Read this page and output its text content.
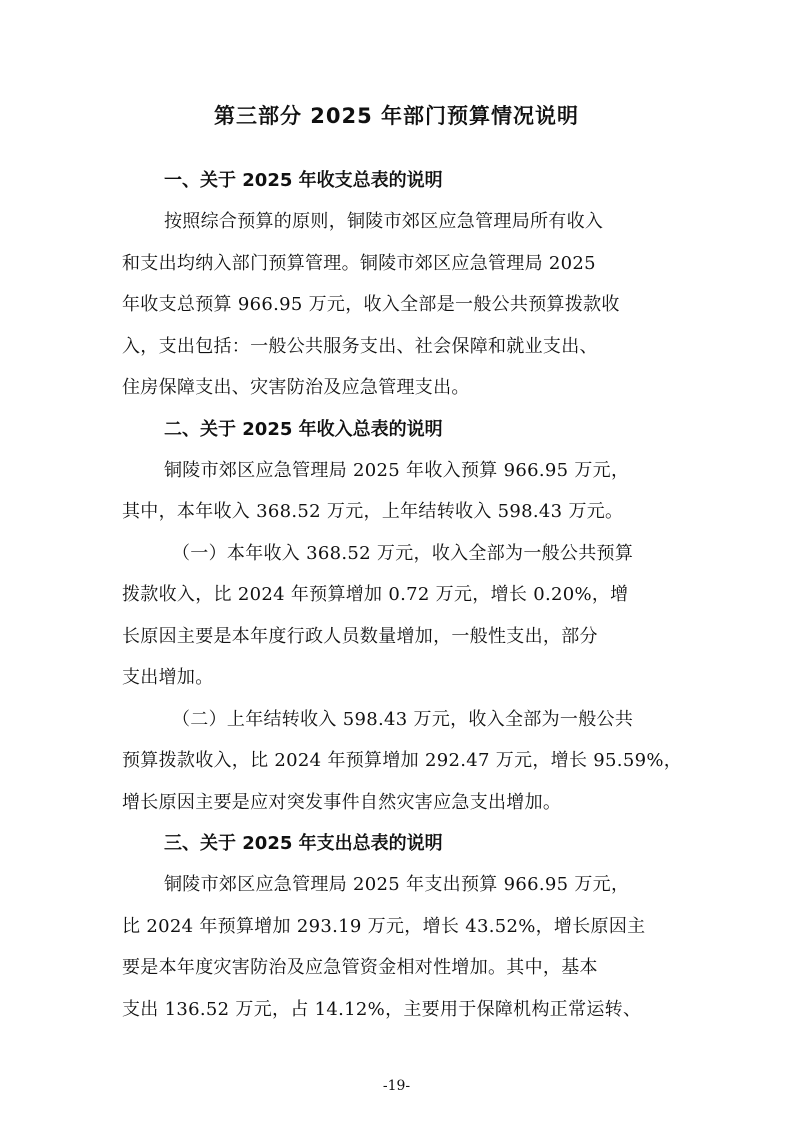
第三部分 2025 年部门预算情况说明
一、关于 2025 年收支总表的说明
按照综合预算的原则，铜陵市郊区应急管理局所有收入
和支出均纳入部门预算管理。铜陵市郊区应急管理局 2025
年收支总预算 966.95 万元，收入全部是一般公共预算拨款收
入，支出包括：一般公共服务支出、社会保障和就业支出、
住房保障支出、灾害防治及应急管理支出。
二、关于 2025 年收入总表的说明
铜陵市郊区应急管理局 2025 年收入预算 966.95 万元，
其中，本年收入 368.52 万元，上年结转收入 598.43 万元。
（一）本年收入 368.52 万元，收入全部为一般公共预算
拨款收入，比 2024 年预算增加 0.72 万元，增长 0.20%，增
长原因主要是本年度行政人员数量增加，一般性支出，部分
支出增加。
（二）上年结转收入 598.43 万元，收入全部为一般公共
预算拨款收入，比 2024 年预算增加 292.47 万元，增长 95.59%，
增长原因主要是应对突发事件自然灾害应急支出增加。
三、关于 2025 年支出总表的说明
铜陵市郊区应急管理局 2025 年支出预算 966.95 万元，
比 2024 年预算增加 293.19 万元，增长 43.52%，增长原因主
要是本年度灾害防治及应急管资金相对性增加。其中，基本
支出 136.52 万元，占 14.12%，主要用于保障机构正常运转、
-19-
